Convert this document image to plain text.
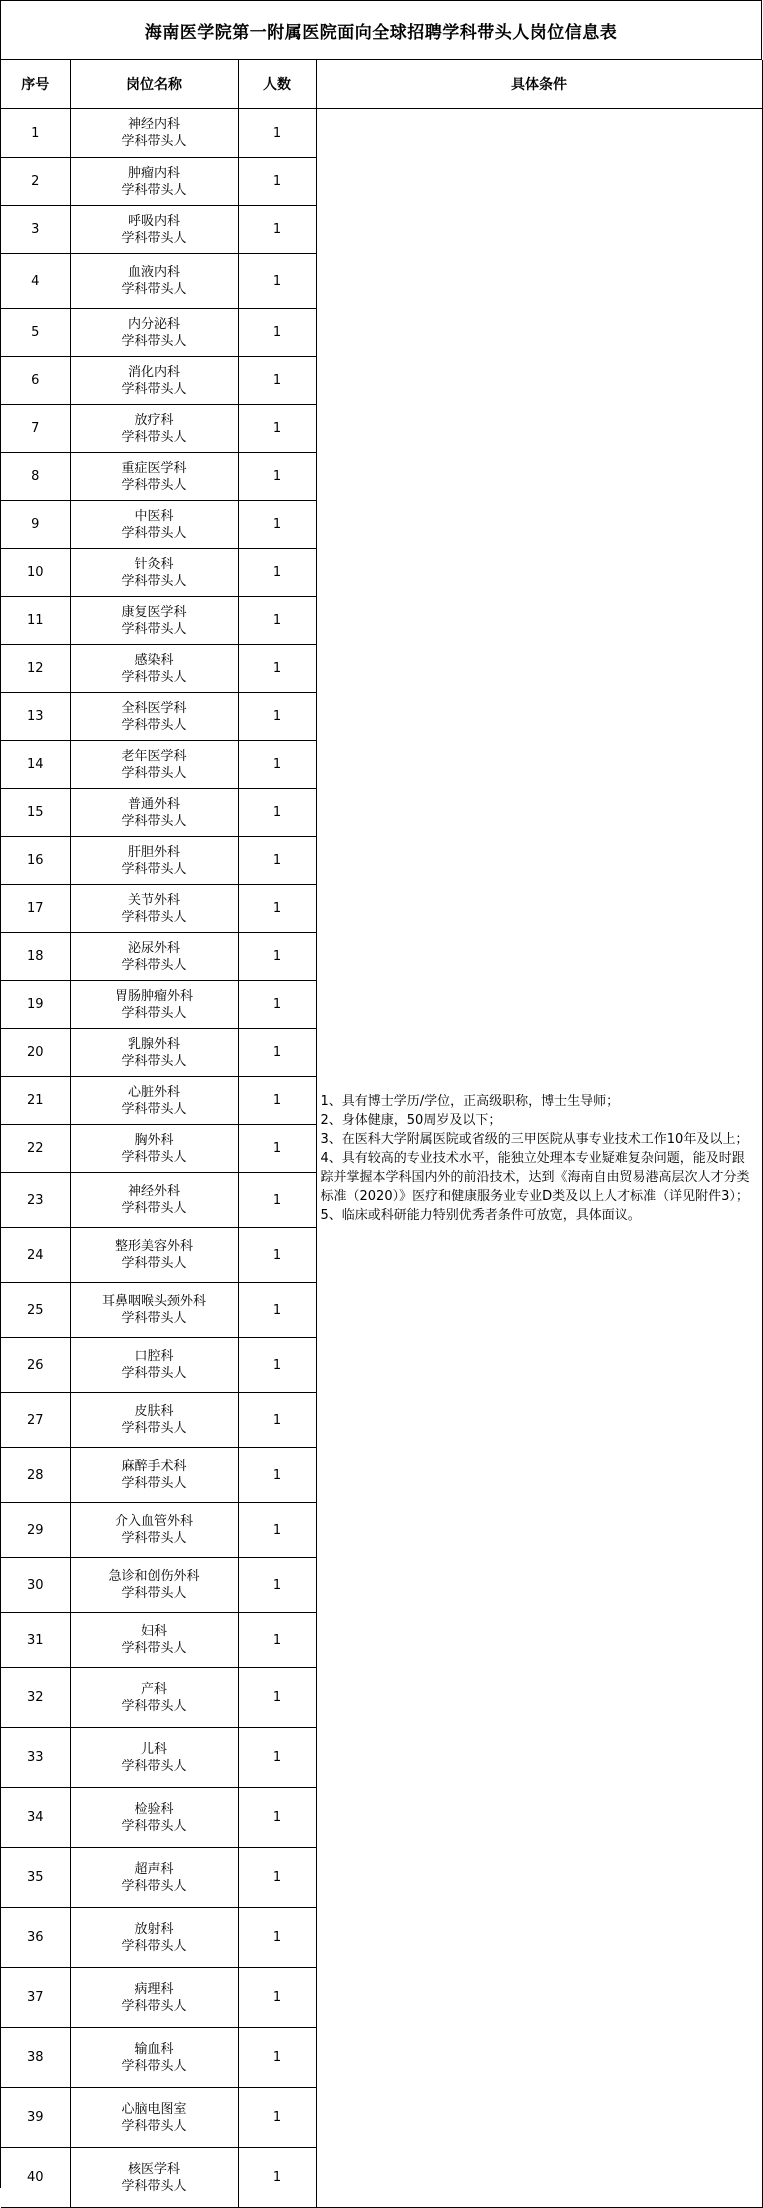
海南医学院第一附属医院面向全球招聘学科带头人岗位信息表
序号	岗位名称	人数	具体条件
1	神经内科
学科带头人	1	1、具有博士学历/学位，正高级职称，博士生导师；
2、身体健康，50周岁及以下；
3、在医科大学附属医院或省级的三甲医院从事专业技术工作10年及以上；
4、具有较高的专业技术水平，能独立处理本专业疑难复杂问题，能及时跟踪并掌握本学科国内外的前沿技术，达到《海南自由贸易港高层次人才分类标准（2020）》医疗和健康服务业专业D类及以上人才标准（详见附件3）；
5、临床或科研能力特别优秀者条件可放宽，具体面议。

2	肿瘤内科
学科带头人	1	
3	呼吸内科
学科带头人	1	
4	血液内科
学科带头人	1	
5	内分泌科
学科带头人	1	
6	消化内科
学科带头人	1	
7	放疗科
学科带头人	1	
8	重症医学科
学科带头人	1	
9	中医科
学科带头人	1	
10	针灸科
学科带头人	1	
11	康复医学科
学科带头人	1	
12	感染科
学科带头人	1	
13	全科医学科
学科带头人	1	
14	老年医学科
学科带头人	1	
15	普通外科
学科带头人	1	
16	肝胆外科
学科带头人	1	
17	关节外科
学科带头人	1	
18	泌尿外科
学科带头人	1	
19	胃肠肿瘤外科
学科带头人	1	
20	乳腺外科
学科带头人	1	
21	心脏外科
学科带头人	1	
22	胸外科
学科带头人	1	
23	神经外科
学科带头人	1	
24	整形美容外科
学科带头人	1	
25	耳鼻咽喉头颈外科
学科带头人	1	
26	口腔科
学科带头人	1	
27	皮肤科
学科带头人	1	
28	麻醉手术科
学科带头人	1	
29	介入血管外科
学科带头人	1	
30	急诊和创伤外科
学科带头人	1	
31	妇科
学科带头人	1	
32	产科
学科带头人	1	
33	儿科
学科带头人	1	
34	检验科
学科带头人	1	
35	超声科
学科带头人	1	
36	放射科
学科带头人	1	
37	病理科
学科带头人	1	
38	输血科
学科带头人	1	
39	心脑电图室
学科带头人	1	
40	核医学科
学科带头人	1	
